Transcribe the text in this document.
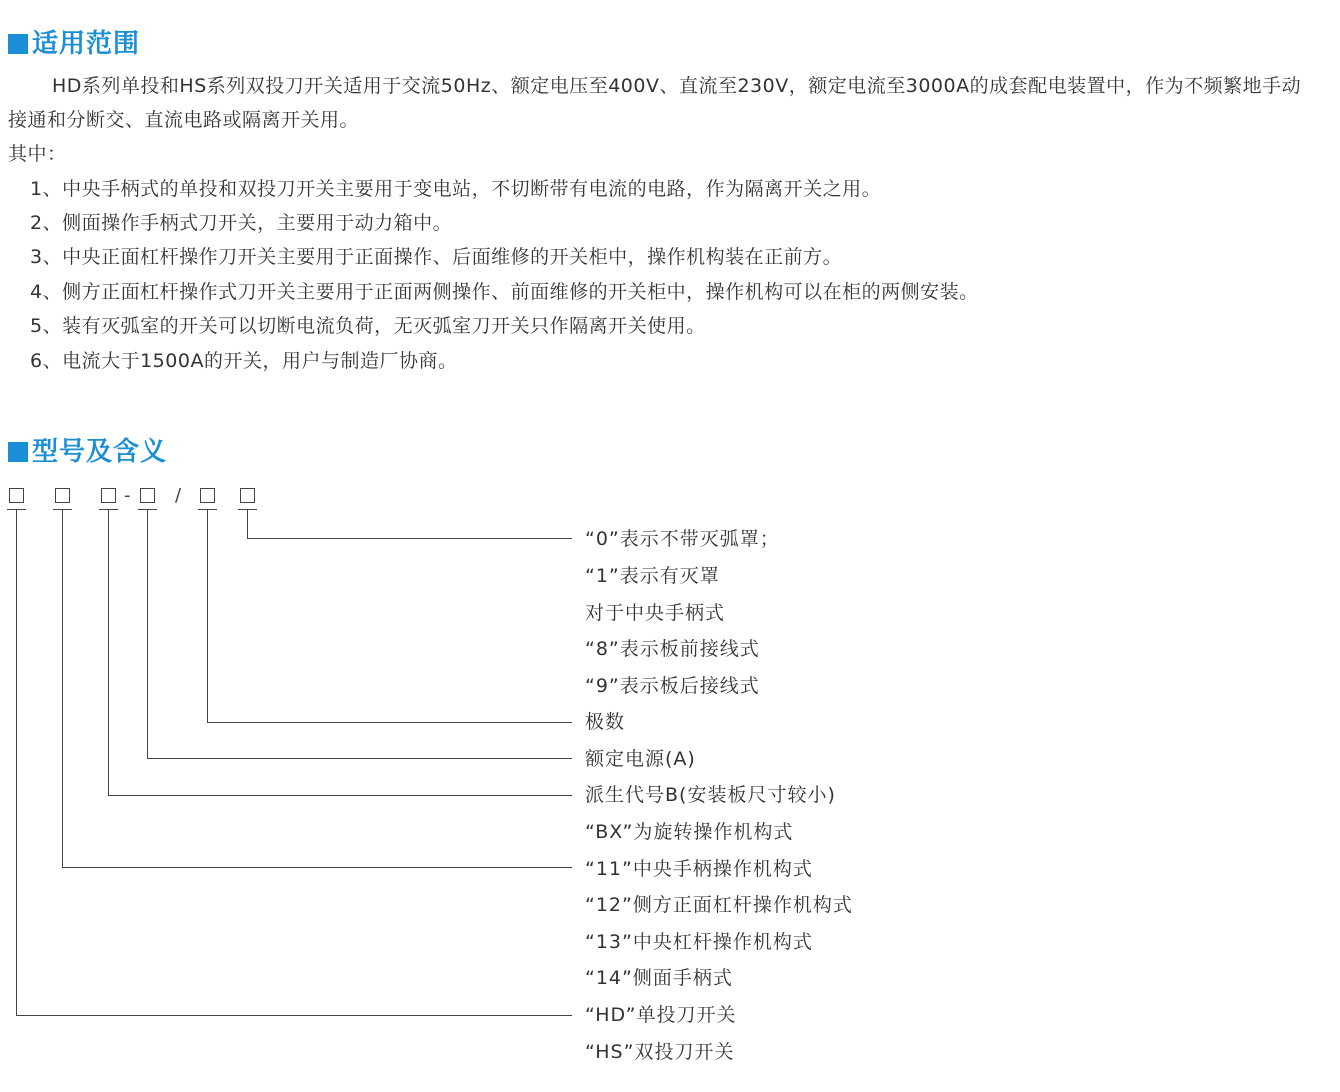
适用范围
HD系列单投和HS系列双投刀开关适用于交流50Hz、额定电压至400V、直流至230V，额定电流至3000A的成套配电装置中，作为不频繁地手动接通和分断交、直流电路或隔离开关用。
其中：
1、中央手柄式的单投和双投刀开关主要用于变电站，不切断带有电流的电路，作为隔离开关之用。
2、侧面操作手柄式刀开关，主要用于动力箱中。
3、中央正面杠杆操作刀开关主要用于正面操作、后面维修的开关柜中，操作机构装在正前方。
4、侧方正面杠杆操作式刀开关主要用于正面两侧操作、前面维修的开关柜中，操作机构可以在柜的两侧安装。
5、装有灭弧室的开关可以切断电流负荷，无灭弧室刀开关只作隔离开关使用。
6、电流大于1500A的开关，用户与制造厂协商。
型号及含义
- /
“0”表示不带灭弧罩；
“1”表示有灭罩
对于中央手柄式
“8”表示板前接线式
“9”表示板后接线式
极数
额定电源(A)
派生代号B(安装板尺寸较小)
“BX”为旋转操作机构式
“11”中央手柄操作机构式
“12”侧方正面杠杆操作机构式
“13”中央杠杆操作机构式
“14”侧面手柄式
“HD”单投刀开关
“HS”双投刀开关
